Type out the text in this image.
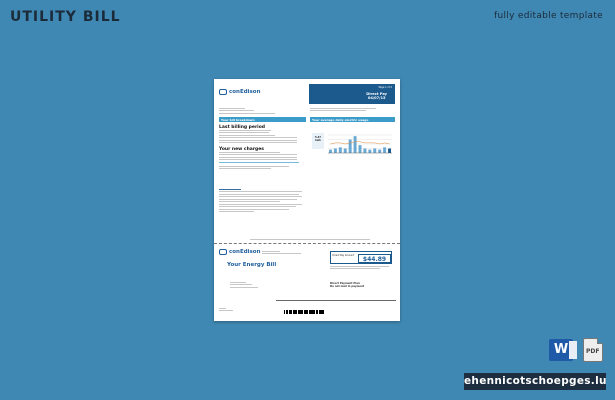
UTILITY BILL	fully editable template
conEdison
Page 1 of 2
Direct Pay
04/07/15
Your bill breakdown	Your average daily electric usage
Last billing period
Your new charges
5.47 kwh
conEdison
Your Energy Bill
Direct Pay Amount	$44.89
Direct Payment Plan
Do not mail in payment
W	PDF
ehennicotschoepges.lu
